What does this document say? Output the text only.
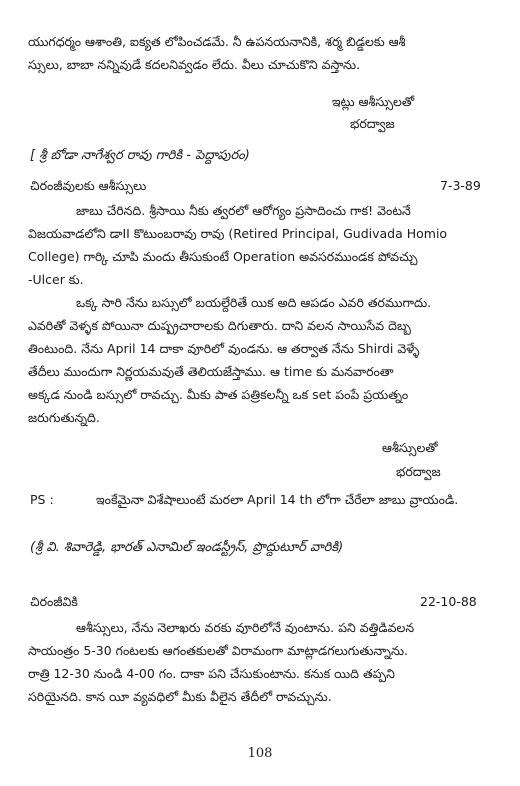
యుగధర్మం ఆశాంతి, ఐక్యత లోపించడమే. నీ ఉపనయనానికి, శర్మ బిడ్డలకు ఆశీ
స్సులు, బాబా నన్నివుడే కదలనివ్వడం లేదు. వీలు చూచుకొని వస్తాను.
ఇట్లు ఆశీస్సులతో
భరద్వాజ
[ శ్రీ బోడా నాగేశ్వర రావు గారికి - పెద్దాపురం)
చిరంజీవులకు ఆశీస్సులు	7-3-89
జాబు చేరినది. శ్రీసాయి నీకు త్వరలో ఆరోగ్యం ప్రసాదించు గాక! వెంటనే
విజయవాడలోని డాII కొటుంబరావు రావు (Retired Principal, Gudivada Homio
College) గార్కి చూపి మందు తీసుకుంటే Operation అవసరముండక పోవచ్చు
-Ulcer కు.
ఒక్క సారి నేను బస్సులో బయల్దేరితే యిక అది ఆపడం ఎవరి తరముగాదు.
ఎవరితో వెళ్ళక పోయినా దుష్ప్రచారాలకు దిగుతారు. దాని వలన సాయిసేవ దెబ్బ
తింటుంది. నేను April 14 దాకా వూరిలో వుండను. ఆ తర్వాత నేను Shirdi వెళ్ళే
తేదీలు ముందుగా నిర్ణయమవుతే తెలియజేస్తాము. ఆ time కు మనవారంతా
అక్కడ నుండి బస్సులో రావచ్చు. మీకు పాత పత్రికలన్నీ ఒక set పంపే ప్రయత్నం
జరుగుతున్నది.
ఆశీస్సులతో
భరద్వాజ
PS :	ఇంకేమైనా విశేషాలుంటే మరలా April 14 th లోగా చేరేలా జాబు వ్రాయండి.
(శ్రీ వి. శివారెడ్డి, భారత్ ఎనామిల్ ఇండస్ట్రీస్, ప్రొద్దుటూర్ వారికి)
చిరంజీవికి	22-10-88
ఆశీస్సులు, నేను నెలాఖరు వరకు వూరిలోనే వుంటాను. పని వత్తిడివలన
సాయంత్రం 5-30 గంటలకు ఆగంతకులతో విరామంగా మాట్లాడగలుగుతున్నాను.
రాత్రి 12-30 నుండి 4-00 గం. దాకా పని చేసుకుంటాను. కనుక యిది తప్పని
సరియైనది. కాన యీ వ్యవధిలో మీకు వీలైన తేదీలో రావచ్చును.
108
